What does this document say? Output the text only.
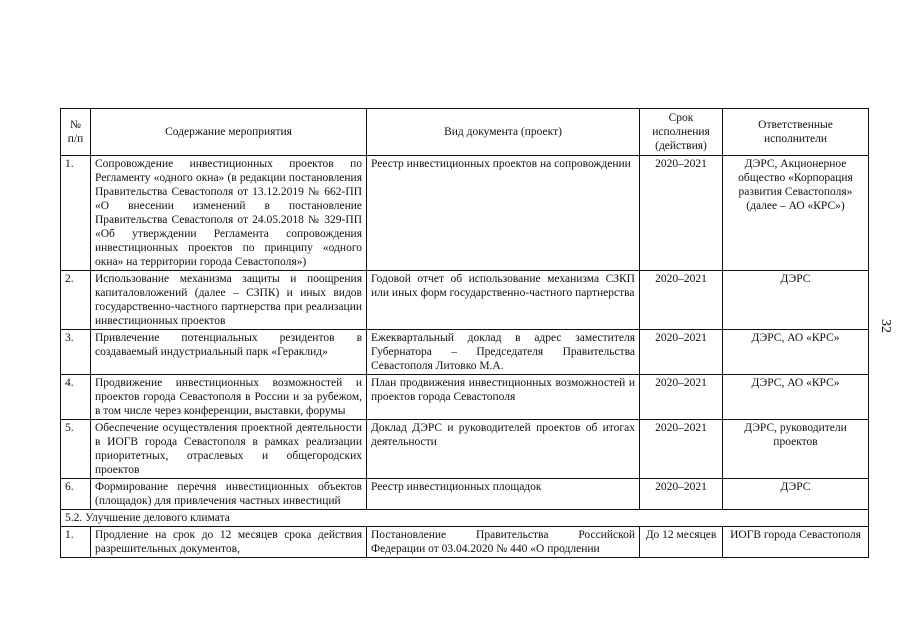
№ п/п	Содержание мероприятия	Вид документа (проект)	Срок исполнения (действия)	Ответственные исполнители
1.	Сопровождение инвестиционных проектов по Регламенту «одного окна» (в редакции постановления Правительства Севастополя от 13.12.2019 № 662-ПП «О внесении изменений в постановление Правительства Севастополя от 24.05.2018 № 329-ПП «Об утверждении Регламента сопровождения инвестиционных проектов по принципу «одного окна» на территории города Севастополя»)	Реестр инвестиционных проектов на сопровождении	2020–2021	ДЭРС, Акционерное общество «Корпорация развития Севастополя» (далее – АО «КРС»)
2.	Использование механизма защиты и поощрения капиталовложений (далее – СЗПК) и иных видов государственно-частного партнерства при реализации инвестиционных проектов	Годовой отчет об использование механизма СЗКП или иных форм государственно-частного партнерства	2020–2021	ДЭРС
3.	Привлечение потенциальных резидентов в создаваемый индустриальный парк «Гераклид»	Ежеквартальный доклад в адрес заместителя Губернатора – Председателя Правительства Севастополя Литовко М.А.	2020–2021	ДЭРС, АО «КРС»
4.	Продвижение инвестиционных возможностей и проектов города Севастополя в России и за рубежом, в том числе через конференции, выставки, форумы	План продвижения инвестиционных возможностей и проектов города Севастополя	2020–2021	ДЭРС, АО «КРС»
5.	Обеспечение осуществления проектной деятельности в ИОГВ города Севастополя в рамках реализации приоритетных, отраслевых и общегородских проектов	Доклад ДЭРС и руководителей проектов об итогах деятельности	2020–2021	ДЭРС, руководители проектов
6.	Формирование перечня инвестиционных объектов (площадок) для привлечения частных инвестиций	Реестр инвестиционных площадок	2020–2021	ДЭРС
5.2. Улучшение делового климата				
1.	Продление на срок до 12 месяцев срока действия разрешительных документов,	Постановление Правительства Российской Федерации от 03.04.2020 № 440 «О продлении	До 12 месяцев	ИОГВ города Севастополя
32
